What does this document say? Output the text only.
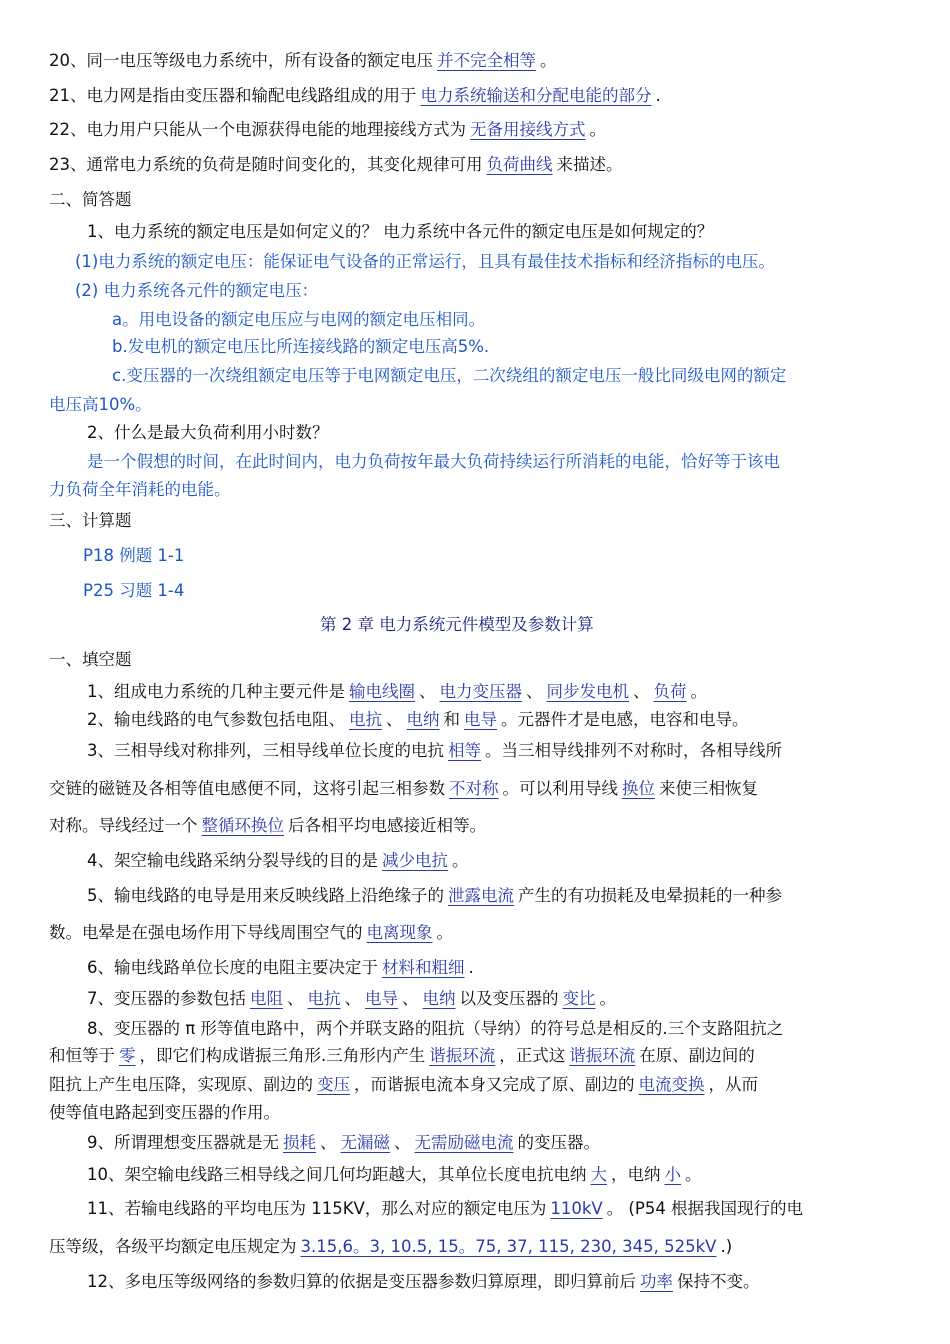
20、同一电压等级电力系统中，所有设备的额定电压 并不完全相等 。
21、电力网是指由变压器和输配电线路组成的用于 电力系统输送和分配电能的部分 .
22、电力用户只能从一个电源获得电能的地理接线方式为 无备用接线方式 。
23、通常电力系统的负荷是随时间变化的，其变化规律可用 负荷曲线 来描述。
二、简答题
1、电力系统的额定电压是如何定义的？ 电力系统中各元件的额定电压是如何规定的？
(1)电力系统的额定电压：能保证电气设备的正常运行，且具有最佳技术指标和经济指标的电压。
(2) 电力系统各元件的额定电压：
a。用电设备的额定电压应与电网的额定电压相同。
b.发电机的额定电压比所连接线路的额定电压高5%.
c.变压器的一次绕组额定电压等于电网额定电压，二次绕组的额定电压一般比同级电网的额定
电压高10%。
2、什么是最大负荷利用小时数？
是一个假想的时间，在此时间内，电力负荷按年最大负荷持续运行所消耗的电能，恰好等于该电
力负荷全年消耗的电能。
三、计算题
P18 例题 1-1
P25 习题 1-4
第 2 章 电力系统元件模型及参数计算
一、填空题
1、组成电力系统的几种主要元件是 输电线圈 、 电力变压器 、 同步发电机 、 负荷 。
2、输电线路的电气参数包括电阻、 电抗 、 电纳 和 电导 。元器件才是电感，电容和电导。
3、三相导线对称排列，三相导线单位长度的电抗 相等 。当三相导线排列不对称时，各相导线所
交链的磁链及各相等值电感便不同，这将引起三相参数 不对称 。可以利用导线 换位 来使三相恢复
对称。导线经过一个 整循环换位 后各相平均电感接近相等。
4、架空输电线路采纳分裂导线的目的是 减少电抗 。
5、输电线路的电导是用来反映线路上沿绝缘子的 泄露电流 产生的有功损耗及电晕损耗的一种参
数。电晕是在强电场作用下导线周围空气的 电离现象 。
6、输电线路单位长度的电阻主要决定于 材料和粗细 .
7、变压器的参数包括 电阻 、 电抗 、 电导 、 电纳 以及变压器的 变比 。
8、变压器的 π 形等值电路中，两个并联支路的阻抗（导纳）的符号总是相反的.三个支路阻抗之
和恒等于 零 ，即它们构成谐振三角形.三角形内产生 谐振环流 ，正式这 谐振环流 在原、副边间的
阻抗上产生电压降，实现原、副边的 变压 ，而谐振电流本身又完成了原、副边的 电流变换 ，从而
使等值电路起到变压器的作用。
9、所谓理想变压器就是无 损耗 、 无漏磁 、 无需励磁电流 的变压器。
10、架空输电线路三相导线之间几何均距越大，其单位长度电抗电纳 大 ，电纳 小 。
11、若输电线路的平均电压为 115KV，那么对应的额定电压为 110kV 。 (P54 根据我国现行的电
压等级，各级平均额定电压规定为 3.15,6。3, 10.5, 15。75, 37, 115, 230, 345, 525kV .)
12、多电压等级网络的参数归算的依据是变压器参数归算原理，即归算前后 功率 保持不变。
